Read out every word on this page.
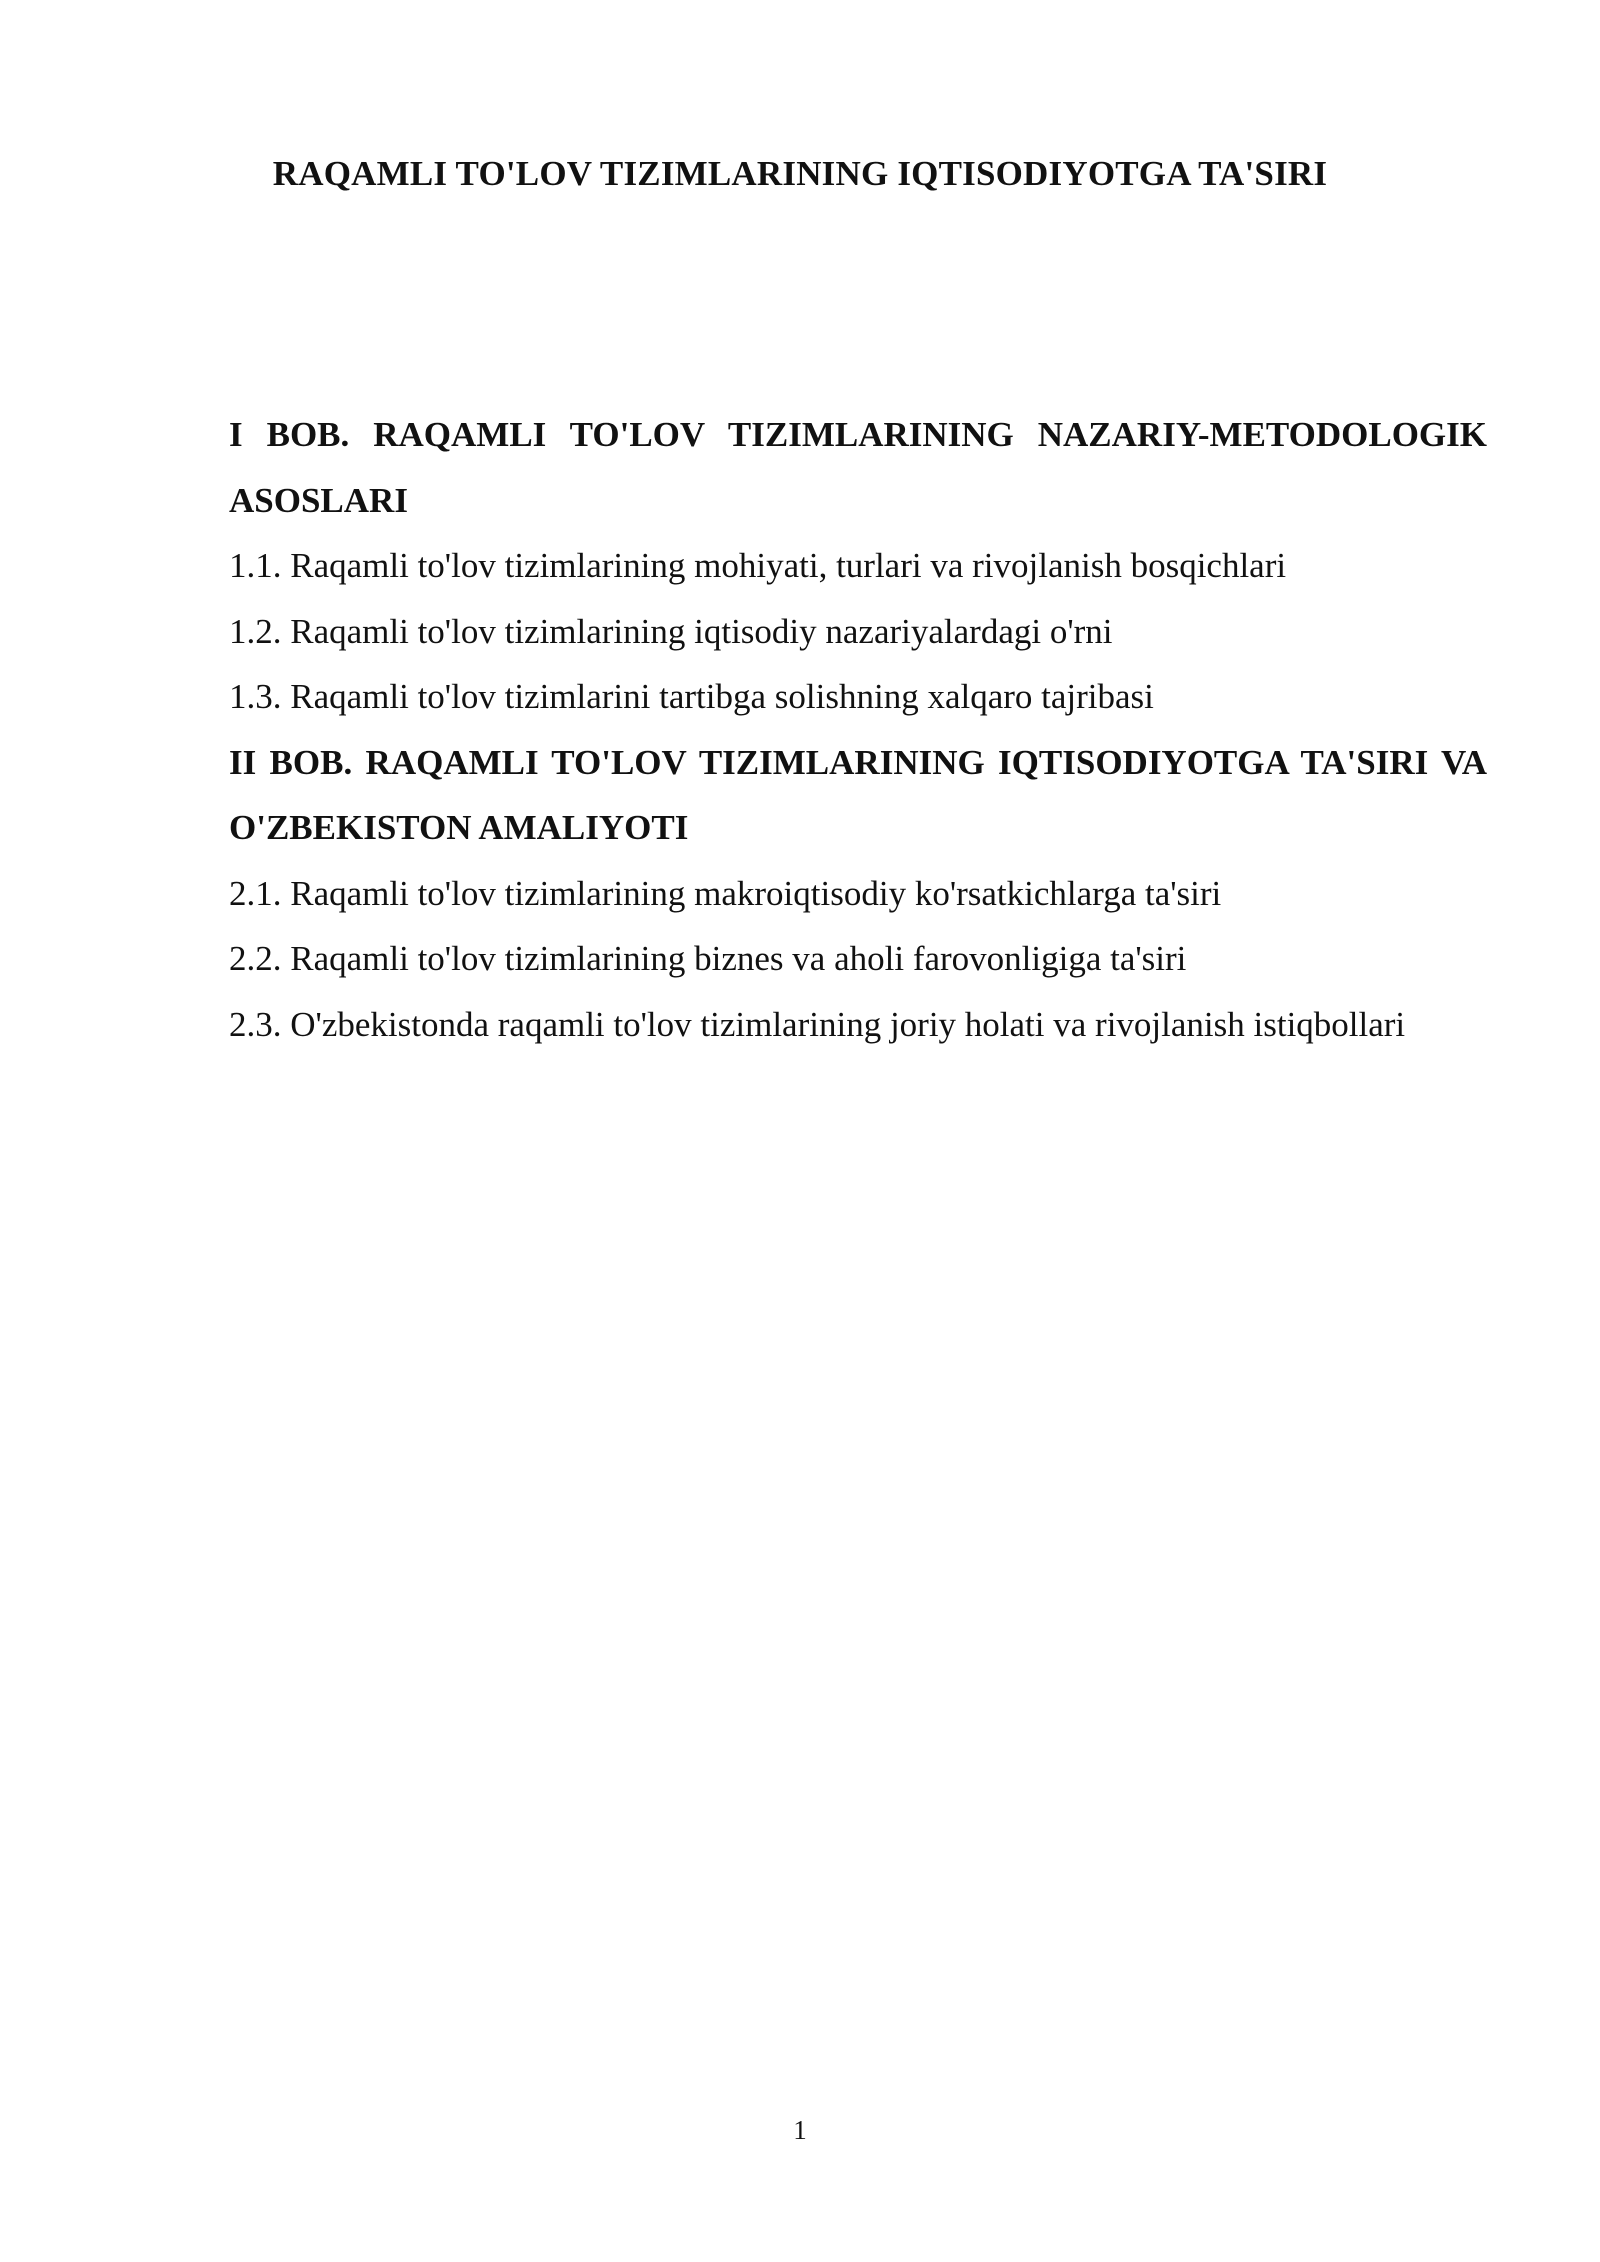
RAQAMLI TO'LOV TIZIMLARINING IQTISODIYOTGA TA'SIRI

I BOB. RAQAMLI TO'LOV TIZIMLARINING NAZARIY-METODOLOGIK ASOSLARI

1.1. Raqamli to'lov tizimlarining mohiyati, turlari va rivojlanish bosqichlari

1.2. Raqamli to'lov tizimlarining iqtisodiy nazariyalardagi o'rni

1.3. Raqamli to'lov tizimlarini tartibga solishning xalqaro tajribasi

II BOB. RAQAMLI TO'LOV TIZIMLARINING IQTISODIYOTGA TA'SIRI VA O'ZBEKISTON AMALIYOTI

2.1. Raqamli to'lov tizimlarining makroiqtisodiy ko'rsatkichlarga ta'siri

2.2. Raqamli to'lov tizimlarining biznes va aholi farovonligiga ta'siri

2.3. O'zbekistonda raqamli to'lov tizimlarining joriy holati va rivojlanish istiqbollari

1
